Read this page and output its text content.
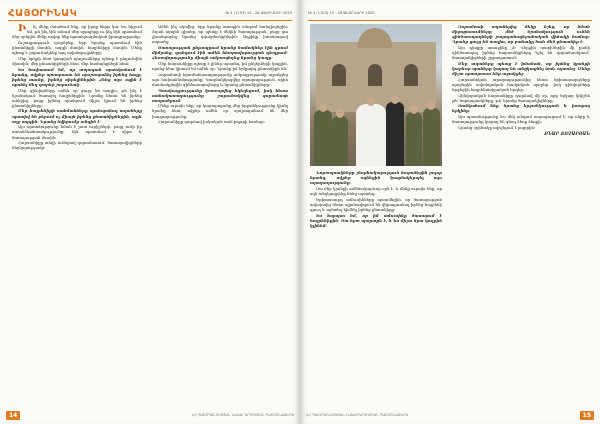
ՀԱՅՕՐԻՆԱԿ	№ 4 (1103) 15 - 28 ՓԵՏՐՎԱՐԻ 2020

Ինչ մենք մտածում ենք, որ իրոք հերթ կա: Ես հիշում եմ, թե ինչ էին անում մեր պապերը ու ինչ էին պատմում մեր օրերին մենք սովոր ենք պատերազմական իրադրությանը։

Ուշադրություն դարձրեք, երբ նրանք պատմում էին ընտանիքի մասին, ազգի մասին, հայրենիքի մասին։ Մենք պետք է շարունակենք այդ ավանդույթները։

Մեր երկրի հետ կապված որոշումները պետք է ընդունվեն միասին, մեր ընտանիքների հետ, մեր համայնքների հետ։

Ես հավատում եմ, որ ապագան պատկանում է նրանց, ովքեր պատրաստ են պաշտպանել իրենց հողը, իրենց տունը, իրենց սիրելիներին։ Հենց այս ոգին է պահել մեզ դարեր շարունակ։

Մեր զինվորները ամեն օր ցույց են տալիս, թե ինչ է նշանակում ծառայել հայրենիքին։ Նրանք հեռու են իրենց տներից, բայց իրենց սրտերում միշտ կրում են իրենց ընտանիքները։

Մեր հայրենիքի սահմանները պահպանող տղաները պատիվ են բերում ոչ միայն իրենց ընտանիքներին, այլև ողջ ազգին։ Նրանց նվիրումը անգին է։

Այս պատմությունը նման է շատ ուրիշների, բայց ունի իր առանձնահատկությունը։ Այն պատմում է սիրո և ծառայության մասին։

Հարսանիքը տեղի ունեցավ զորամասում, ծառայակիցների ներկայությամբ։

Ամեն ինչ սկսվեց, երբ նրանք առաջին անգամ հանդիպեցին։ Տղան արդեն գիտեր, որ պետք է մեկնի ծառայության, բայց դա չխանգարեց նրանց զգացմունքներին։ Աղջիկը խոստացավ սպասել։

Ծառայության ընթացքում նրանք նամակներ էին գրում միմյանց, զանգում էին ամեն հնարավորության դեպքում։ Հեռավորությունը միայն ամրապնդեց նրանց կապը։

Մեր հարսանիքը պետք է լիներ այստեղ, իմ ընկերների կողքին, որոնց հետ կիսում եմ ամեն օր։ Նրանք իմ երկրորդ ընտանիքն են։

Զորամասի հրամանատարությունը ամբողջությամբ աջակցեց այս նախաձեռնությանը։ Կազմակերպվեց արարողություն, որին մասնակցեցին զինծառայողները և նրանց ընտանիքները։

Պսակադրությունը կատարվեց եկեղեցում, իսկ հետո տոնակատարությունը շարունակվեց զորամասի տարածքում։

Մենք ուրախ ենք, որ կարողացանք մեր երջանկությունը կիսել նրանց հետ, ովքեր ամեն օր պաշտպանում են մեր խաղաղությունը։

Հարսանիքը դարձավ իսկական տոն բոլորի համար։

14	ՀՀ ՊԱՇՏՊԱՆՈՒԹՅԱՆ ՆԱԽԱՐԱՐՈՒԹՅԱՆ ՊԱՇՏՈՆԱԹԵՐԹ
№ 4 (1103) 15 - 28 ՓԵՏՐՎԱՐԻ 2020

Նորապսակները շնորհակալություն հայտնեցին բոլոր նրանց, ովքեր օգնեցին կազմակերպել այս արարողությունը։

Սա մեր կյանքի ամենակարևոր օրն է, և մենք ուրախ ենք, որ այն անցկացրինք հենց այստեղ։

Երիտասարդ ամուսինները պատմեցին, որ ծառայության ավարտից հետո պլանավորում են վերադառնալ իրենց հայրենի գյուղ և այնտեղ հիմնել իրենց ընտանիքը։

Ես հպարտ եմ, որ իմ ամուսինը ծառայում է հայրենիքին։ Սա նրա պարտքն է, և ես միշտ նրա կողքին կլինեմ։

Զորամասի սպաներից մեկը նշեց, որ նման միջոցառումները մեծ նշանակություն ունեն զինծառայողների բարոյահոգեբանական վիճակի համար։ Դրանք ցույց են տալիս, որ բանակը նաև մեծ ընտանիք է։

Այս դեպքը առաջինը չէ։ Վերջին տարիներին մի քանի զինծառայող իրենց հարսանիքները նշել են զորամասերում՝ ծառայակիցների շրջապատում։

Մեր տղաները պետք է իմանան, որ իրենց կյանքի կարևոր պահերը կարող են անցկացնել նաև այստեղ։ Մենք միշտ պատրաստ ենք աջակցել։

Հարսանեկան արարողությունից հետո երիտասարդները պարեցին ավանդական հայկական պարեր, իսկ զինվորները երգեցին հայրենասիրական երգեր։

Զինվորական հարսանիքը դարձավ մի օր, որը երկար կհիշեն թե՛ նորապսակները, թե՛ նրանց ծառայակիցները։

Ցանկանում ենք նրանց երջանկություն և խաղաղ երկինք։

Այս պատմությունը ևս մեկ անգամ ապացուցում է, որ սերը և ծառայությունը կարող են գնալ ձեռք ձեռքի։

Նրանց օրինակը ոգեշնչում է բոլորին։

ՔՆԱՐ ՔՈՉԱՐՅԱՆ

ՀՀ ՊԱՇՏՊԱՆՈՒԹՅԱՆ ՆԱԽԱՐԱՐՈՒԹՅԱՆ ՊԱՇՏՈՆԱԹԵՐԹ	15
